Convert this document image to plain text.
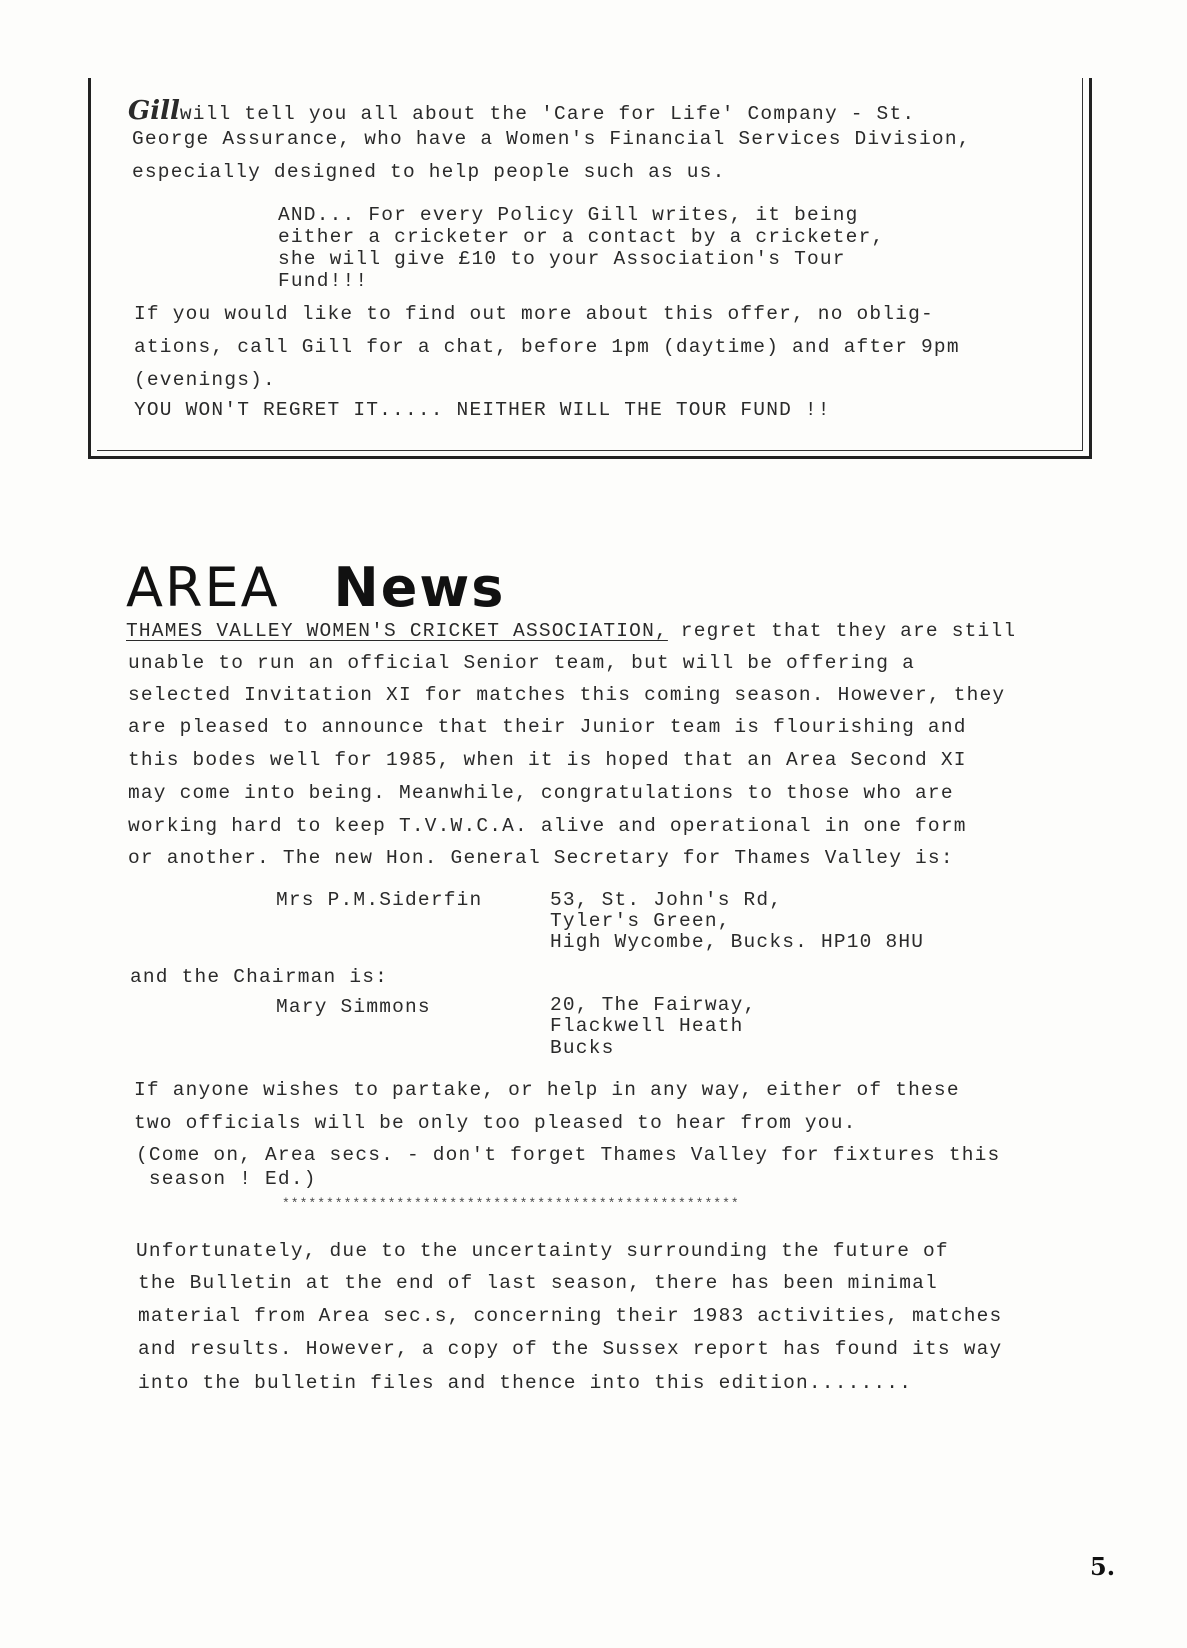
Gillwill tell you all about the 'Care for Life' Company - St.
George Assurance, who have a Women's Financial Services Division,
especially designed to help people such as us.
AND... For every Policy Gill writes, it being
either a cricketer or a contact by a cricketer,
she will give £10 to your Association's Tour
Fund!!!
If you would like to find out more about this offer, no oblig-
ations, call Gill for a chat, before 1pm (daytime) and after 9pm
(evenings).
YOU WON'T REGRET IT..... NEITHER WILL THE TOUR FUND !!
AREA News
THAMES VALLEY WOMEN'S CRICKET ASSOCIATION, regret that they are still
unable to run an official Senior team, but will be offering a
selected Invitation XI for matches this coming season. However, they
are pleased to announce that their Junior team is flourishing and
this bodes well for 1985, when it is hoped that an Area Second XI
may come into being. Meanwhile, congratulations to those who are
working hard to keep T.V.W.C.A. alive and operational in one form
or another. The new Hon. General Secretary for Thames Valley is:
Mrs P.M.Siderfin	53, St. John's Rd,
Tyler's Green,
High Wycombe, Bucks. HP10 8HU
and the Chairman is:
Mary Simmons	20, The Fairway,
Flackwell Heath
Bucks
If anyone wishes to partake, or help in any way, either of these
two officials will be only too pleased to hear from you.
(Come on, Area secs. - don't forget Thames Valley for fixtures this
season ! Ed.)
****************************************************
Unfortunately, due to the uncertainty surrounding the future of
the Bulletin at the end of last season, there has been minimal
material from Area sec.s, concerning their 1983 activities, matches
and results. However, a copy of the Sussex report has found its way
into the bulletin files and thence into this edition........
5.
